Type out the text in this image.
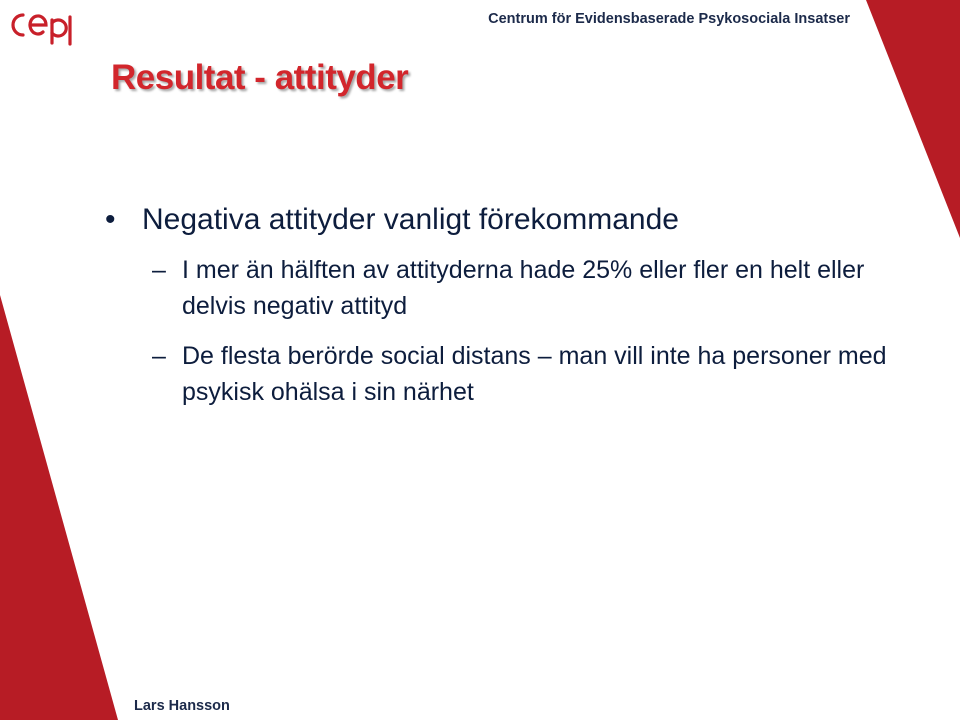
Centrum för Evidensbaserade Psykosociala Insatser
Resultat - attityder
• Negativa attityder vanligt förekommande
– I mer än hälften av attityderna hade 25% eller fler en helt eller delvis negativ attityd
– De flesta berörde social distans – man vill inte ha personer med psykisk ohälsa i sin närhet
Lars Hansson
